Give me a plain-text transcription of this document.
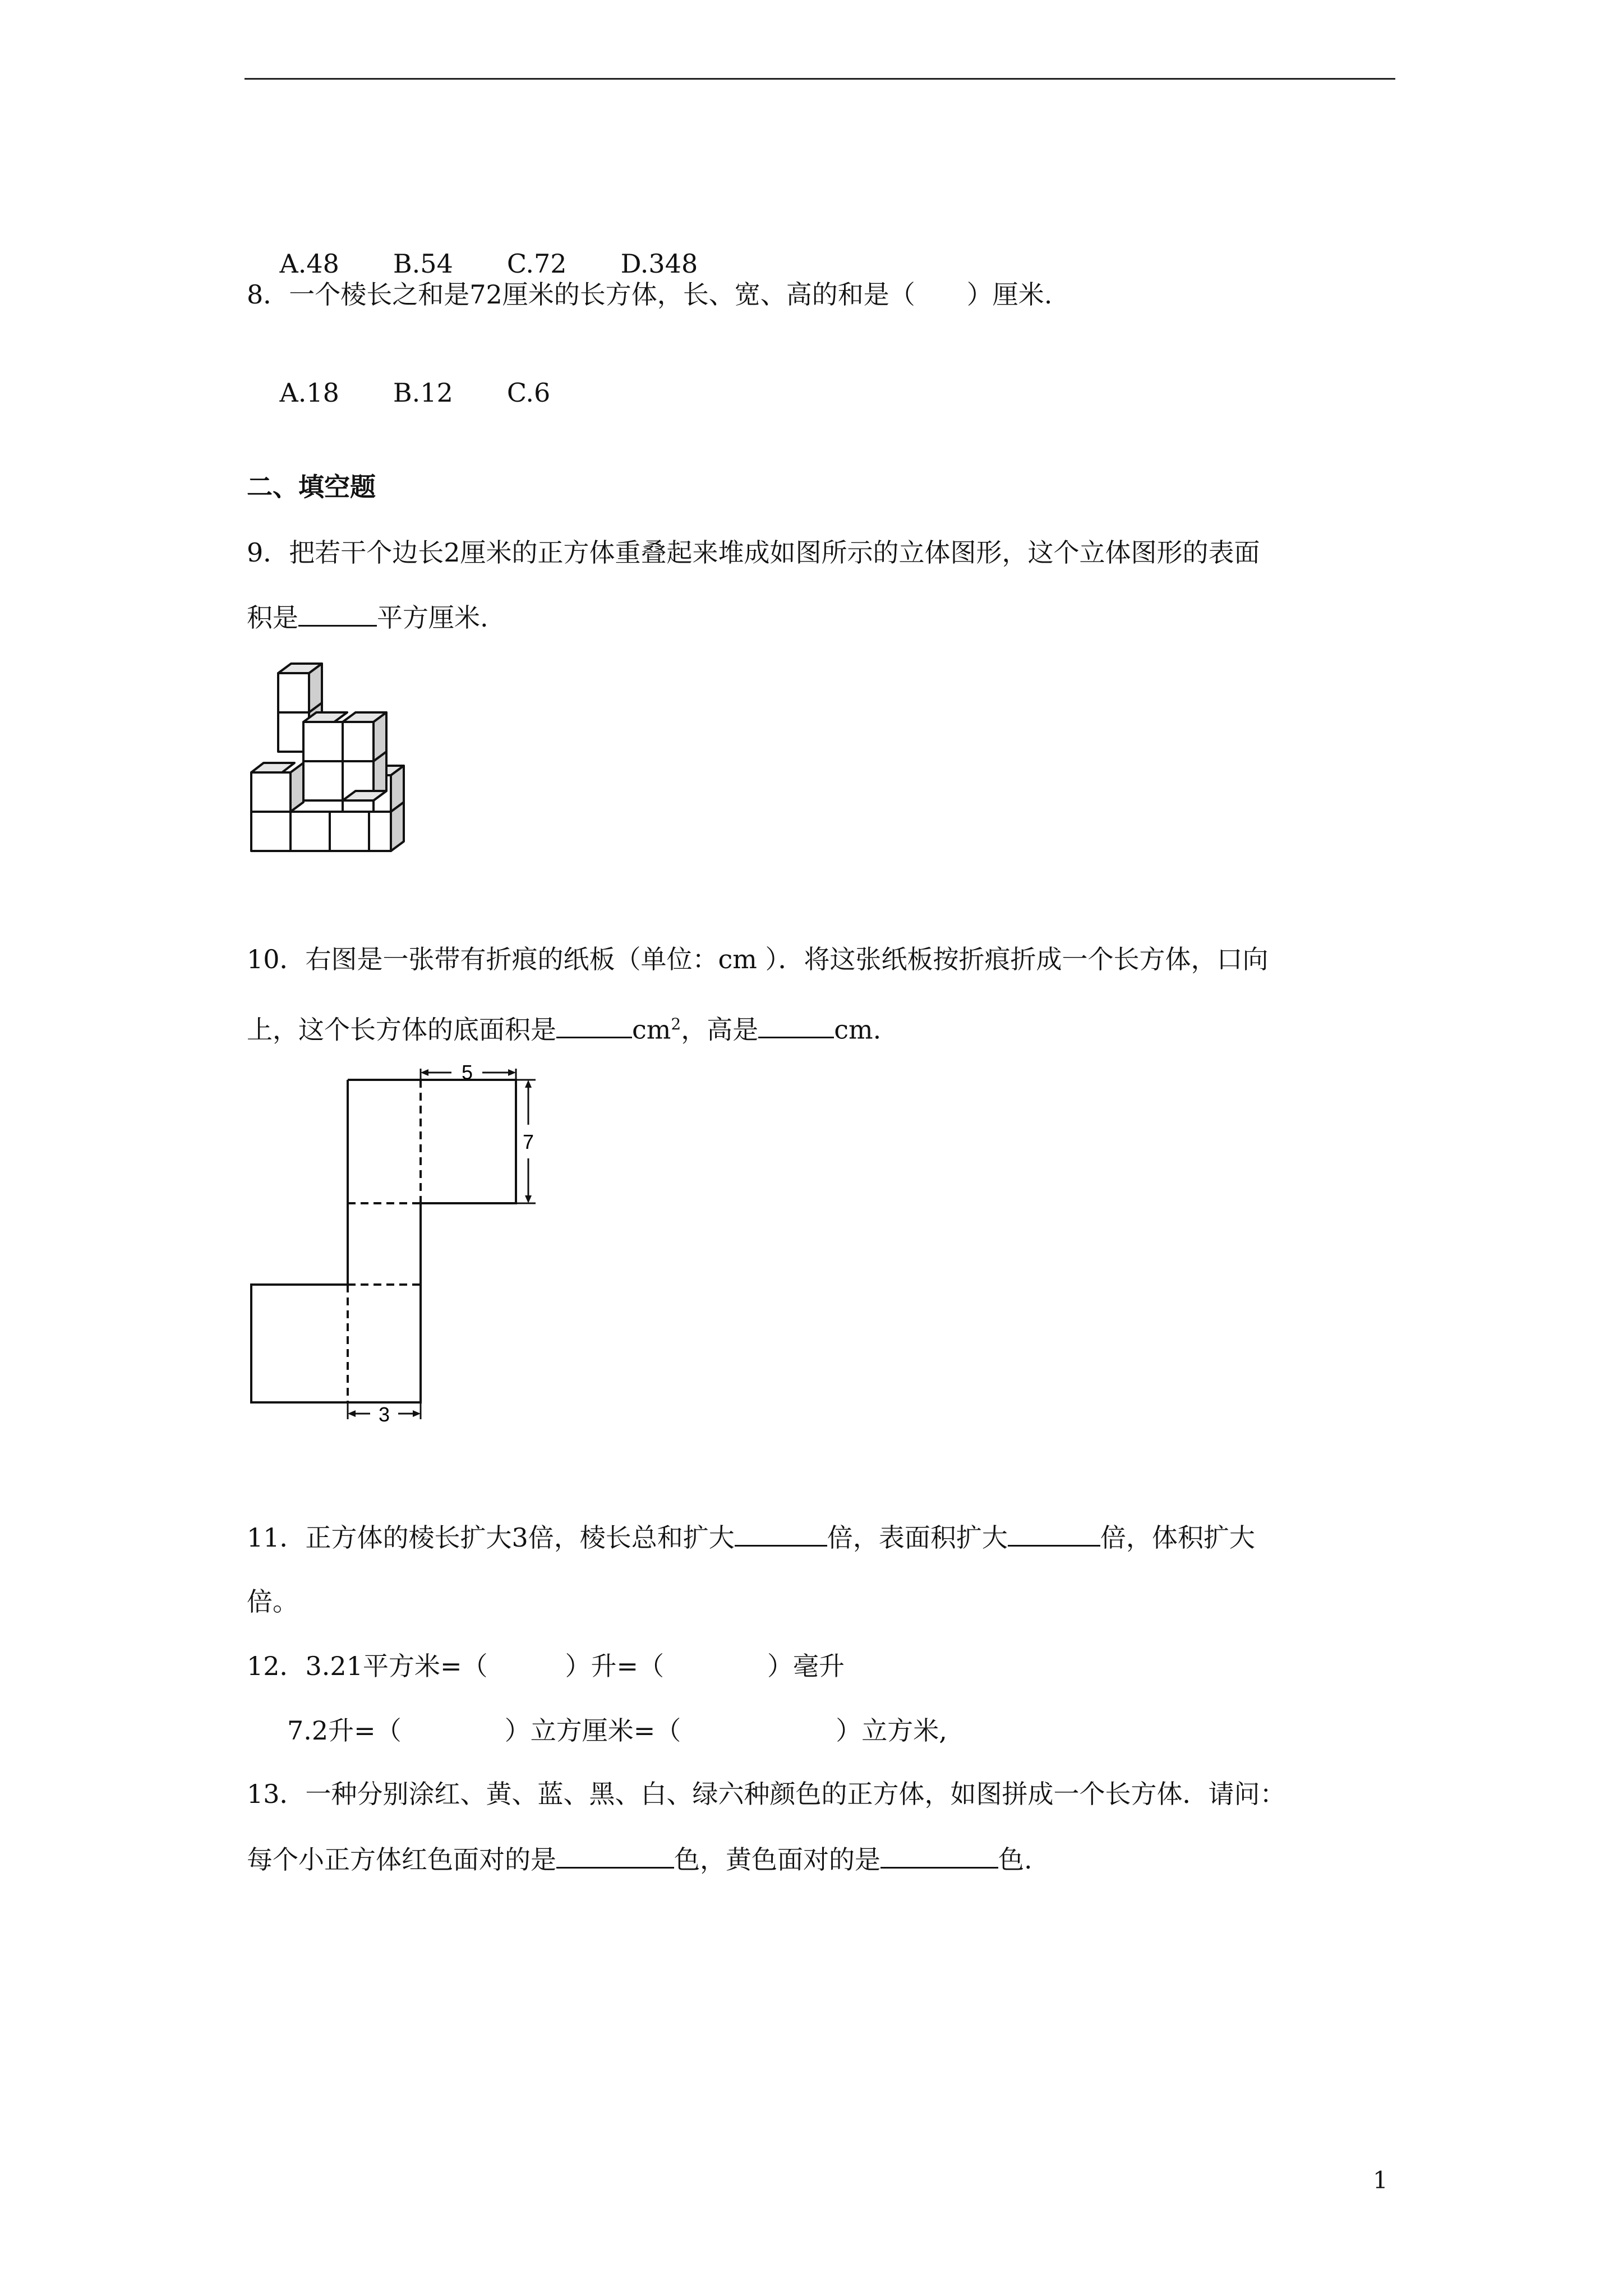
A.48 B.54 C.72 D.348

8．一个棱长之和是72厘米的长方体，长、宽、高的和是（　　）厘米.

A.18 B.12 C.6

二、填空题
9．把若干个边长2厘米的正方体重叠起来堆成如图所示的立体图形，这个立体图形的表面
积是	平方厘米.
10．右图是一张带有折痕的纸板（单位：cm ）．将这张纸板按折痕折成一个长方体，口向
上，这个长方体的底面积是	$cm^2$，高是	cm.
5
7
3
11．正方体的棱长扩大3倍，棱长总和扩大	倍，表面积扩大	倍，体积扩大
倍。
12．3.21平方米=（　　　）升=（　　　　）毫升
7.2升=（　　　　）立方厘米=（　　　　　　）立方米,
13．一种分别涂红、黄、蓝、黑、白、绿六种颜色的正方体，如图拼成一个长方体．请问：
每个小正方体红色面对的是	色，黄色面对的是	色.
1
